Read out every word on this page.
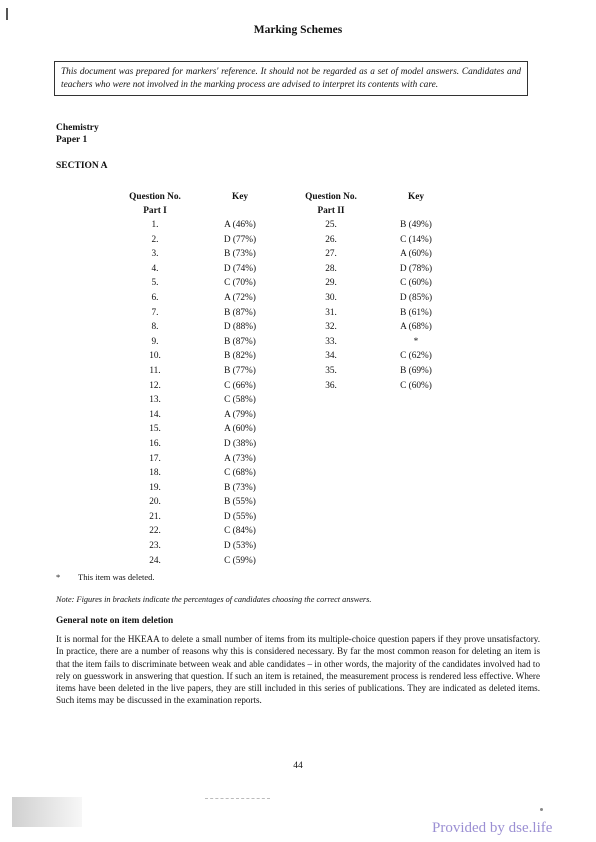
Marking Schemes
This document was prepared for markers' reference. It should not be regarded as a set of model answers. Candidates and teachers who were not involved in the marking process are advised to interpret its contents with care.
Chemistry
Paper 1
SECTION A
Question No.	Key
Part I
1.	A (46%)
2.	D (77%)
3.	B (73%)
4.	D (74%)
5.	C (70%)
6.	A (72%)
7.	B (87%)
8.	D (88%)
9.	B (87%)
10.	B (82%)
11.	B (77%)
12.	C (66%)
13.	C (58%)
14.	A (79%)
15.	A (60%)
16.	D (38%)
17.	A (73%)
18.	C (68%)
19.	B (73%)
20.	B (55%)
21.	D (55%)
22.	C (84%)
23.	D (53%)
24.	C (59%)
Question No.	Key
Part II
25.	B (49%)
26.	C (14%)
27.	A (60%)
28.	D (78%)
29.	C (60%)
30.	D (85%)
31.	B (61%)
32.	A (68%)
33.	*
34.	C (62%)
35.	B (69%)
36.	C (60%)
* This item was deleted.
Note: Figures in brackets indicate the percentages of candidates choosing the correct answers.
General note on item deletion
It is normal for the HKEAA to delete a small number of items from its multiple-choice question papers if they prove unsatisfactory. In practice, there are a number of reasons why this is considered necessary. By far the most common reason for deleting an item is that the item fails to discriminate between weak and able candidates – in other words, the majority of the candidates involved had to rely on guesswork in answering that question. If such an item is retained, the measurement process is rendered less effective. Where items have been deleted in the live papers, they are still included in this series of publications. They are indicated as deleted items. Such items may be discussed in the examination reports.
44
Provided by dse.life
